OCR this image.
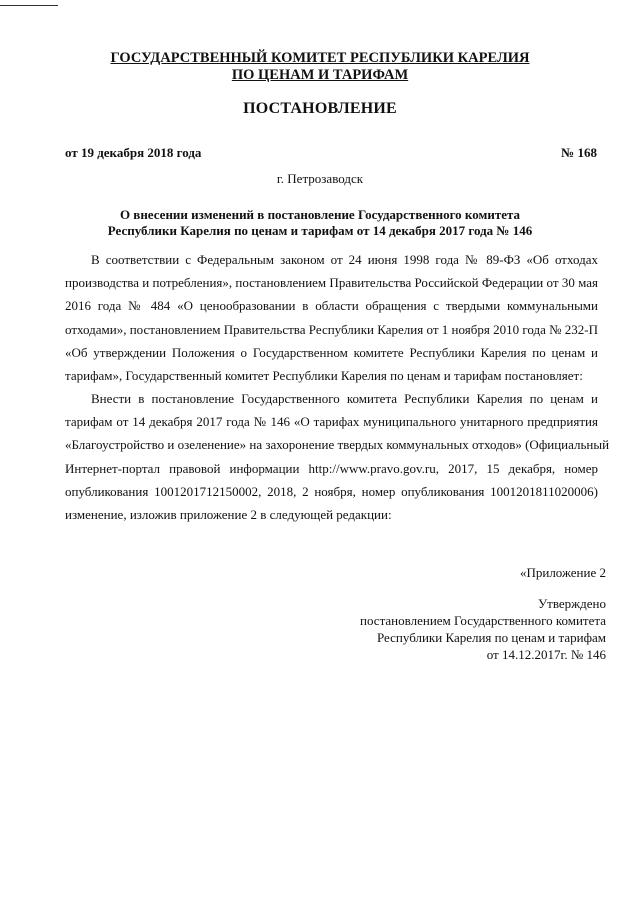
ГОСУДАРСТВЕННЫЙ КОМИТЕТ РЕСПУБЛИКИ КАРЕЛИЯ
ПО ЦЕНАМ И ТАРИФАМ
ПОСТАНОВЛЕНИЕ
от 19 декабря 2018 года	№ 168
г. Петрозаводск
О внесении изменений в постановление Государственного комитета
Республики Карелия по ценам и тарифам от 14 декабря 2017 года № 146
В соответствии с Федеральным законом от 24 июня 1998 года № 89-ФЗ «Об отходах
производства и потребления», постановлением Правительства Российской Федерации от 30 мая
2016 года № 484 «О ценообразовании в области обращения с твердыми коммунальными
отходами», постановлением Правительства Республики Карелия от 1 ноября 2010 года № 232-П
«Об утверждении Положения о Государственном комитете Республики Карелия по ценам и
тарифам», Государственный комитет Республики Карелия по ценам и тарифам постановляет:
Внести в постановление Государственного комитета Республики Карелия по ценам и
тарифам от 14 декабря 2017 года № 146 «О тарифах муниципального унитарного предприятия
«Благоустройство и озеленение» на захоронение твердых коммунальных отходов» (Официальный
Интернет-портал правовой информации http://www.pravo.gov.ru, 2017, 15 декабря, номер
опубликования 1001201712150002, 2018, 2 ноября, номер опубликования 1001201811020006)
изменение, изложив приложение 2 в следующей редакции:
«Приложение 2
Утверждено
постановлением Государственного комитета
Республики Карелия по ценам и тарифам
от 14.12.2017г. № 146
